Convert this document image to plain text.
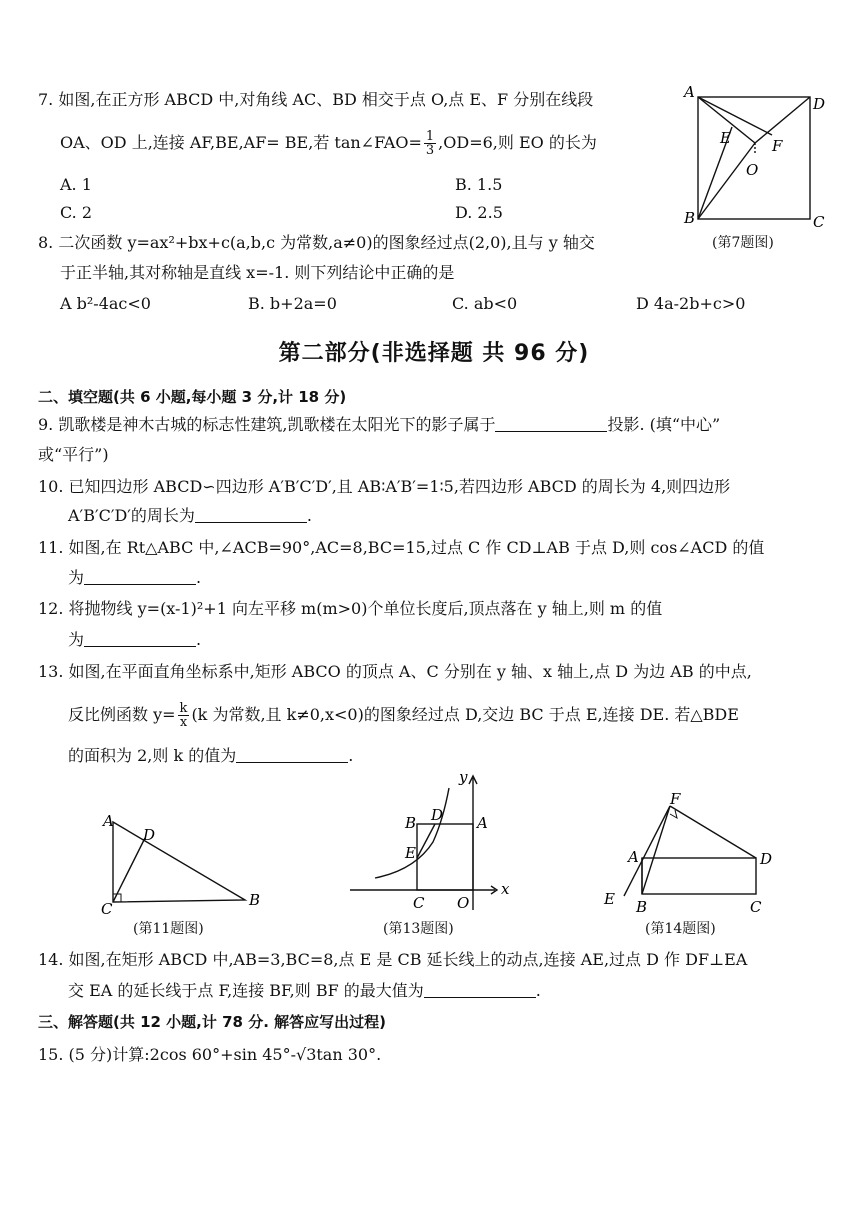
7. 如图,在正方形 ABCD 中,对角线 AC、BD 相交于点 O,点 E、F 分别在线段
OA、OD 上,连接 AF,BE,AF= BE,若 tan∠FAO= $\frac{1}{3} ,OD=6$,则 EO 的长为
A. 1	B. 1.5
C. 2	D. 2.5
A
D
B	C
E	F
O
(第7题图)
8. 二次函数 y=ax²+bx+c(a,b,c 为常数,a≠0)的图象经过点(2,0),且与 y 轴交
于正半轴,其对称轴是直线 x=-1. 则下列结论中正确的是
A b²-4ac<0	B. b+2a=0	C. ab<0	D 4a-2b+c>0
第二部分(非选择题 共 96 分)
二、填空题(共 6 小题,每小题 3 分,计 18 分)
9. 凯歌楼是神木古城的标志性建筑,凯歌楼在太阳光下的影子属于	投影. (填“中心”
或“平行”)
10. 已知四边形 ABCD∽四边形 A′B′C′D′,且 AB∶A′B′=1∶5,若四边形 ABCD 的周长为 4,则四边形
A′B′C′D′的周长为	.
11. 如图,在 Rt△ABC 中,∠ACB=90°,AC=8,BC=15,过点 C 作 CD⊥AB 于点 D,则 cos∠ACD 的值
为	.
12. 将抛物线 y=(x-1)²+1 向左平移 m(m>0)个单位长度后,顶点落在 y 轴上,则 m 的值
为	.
13. 如图,在平面直角坐标系中,矩形 ABCO 的顶点 A、C 分别在 y 轴、x 轴上,点 D 为边 AB 的中点,
反比例函数 $y= \frac{k}{x} (k$ 为常数,且 k≠0,x<0)的图象经过点 D,交边 BC 于点 E,连接 DE. 若△BDE
的面积为 2,则 k 的值为	.
A
D
C	B
(第11题图)
y
x
B D A
E
C O
(第13题图)
F
A	D
E B	C
(第14题图)
14. 如图,在矩形 ABCD 中,AB=3,BC=8,点 E 是 CB 延长线上的动点,连接 AE,过点 D 作 DF⊥EA
交 EA 的延长线于点 F,连接 BF,则 BF 的最大值为	.
三、解答题(共 12 小题,计 78 分. 解答应写出过程)
15. (5 分)计算:2cos 60°+sin 45°-√3tan 30°.
